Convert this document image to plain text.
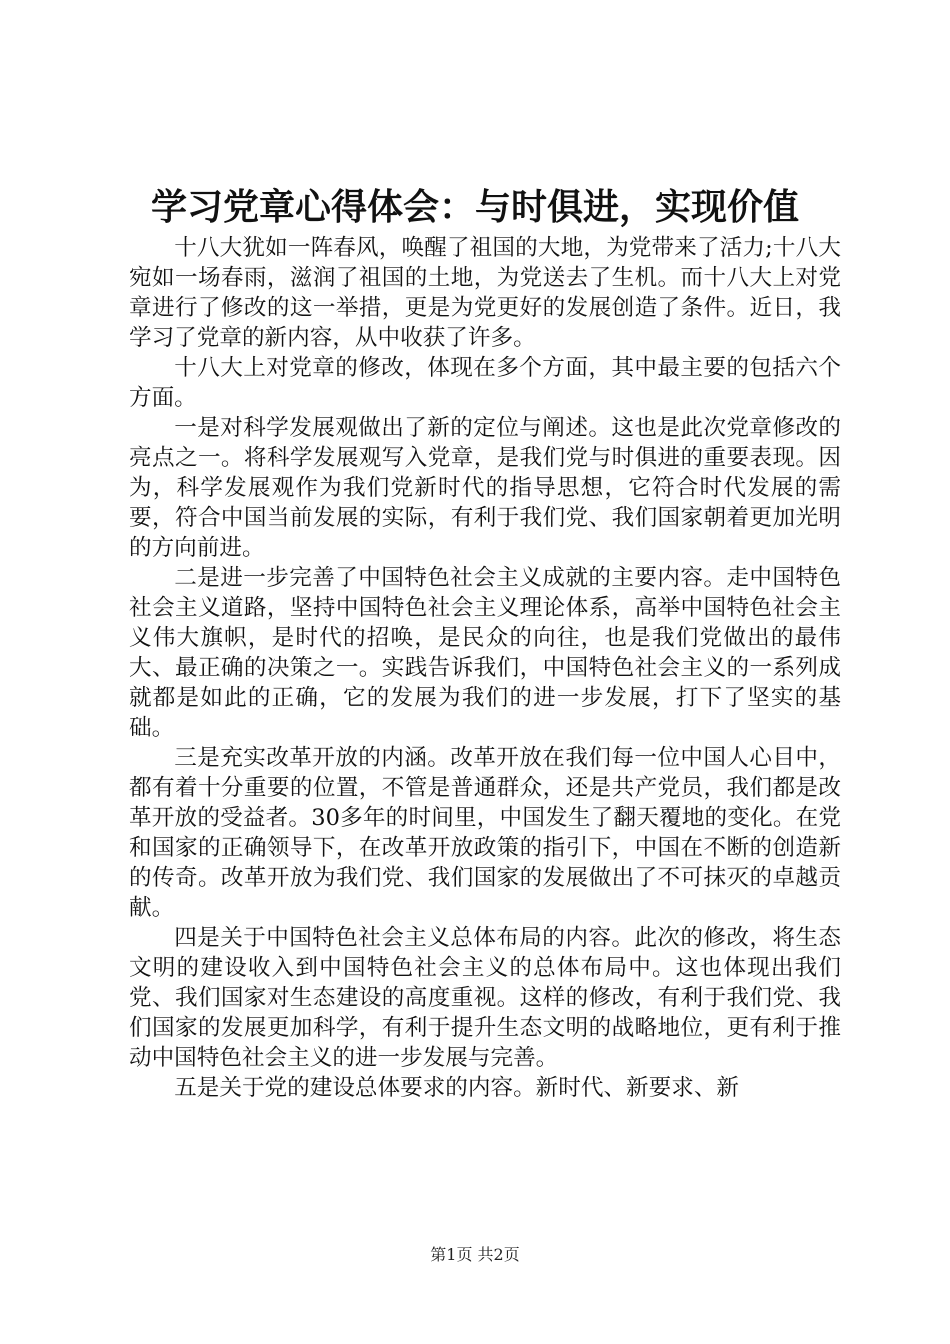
学习党章心得体会：与时俱进，实现价值

十八大犹如一阵春风，唤醒了祖国的大地，为党带来了活力;十八大宛如一场春雨，滋润了祖国的土地，为党送去了生机。而十八大上对党章进行了修改的这一举措，更是为党更好的发展创造了条件。近日，我学习了党章的新内容，从中收获了许多。

十八大上对党章的修改，体现在多个方面，其中最主要的包括六个方面。

一是对科学发展观做出了新的定位与阐述。这也是此次党章修改的亮点之一。将科学发展观写入党章，是我们党与时俱进的重要表现。因为，科学发展观作为我们党新时代的指导思想，它符合时代发展的需要，符合中国当前发展的实际，有利于我们党、我们国家朝着更加光明的方向前进。

二是进一步完善了中国特色社会主义成就的主要内容。走中国特色社会主义道路，坚持中国特色社会主义理论体系，高举中国特色社会主义伟大旗帜，是时代的招唤，是民众的向往，也是我们党做出的最伟大、最正确的决策之一。实践告诉我们，中国特色社会主义的一系列成就都是如此的正确，它的发展为我们的进一步发展，打下了坚实的基础。

三是充实改革开放的内涵。改革开放在我们每一位中国人心目中，都有着十分重要的位置，不管是普通群众，还是共产党员，我们都是改革开放的受益者。30多年的时间里，中国发生了翻天覆地的变化。在党和国家的正确领导下，在改革开放政策的指引下，中国在不断的创造新的传奇。改革开放为我们党、我们国家的发展做出了不可抹灭的卓越贡献。

四是关于中国特色社会主义总体布局的内容。此次的修改，将生态文明的建设收入到中国特色社会主义的总体布局中。这也体现出我们党、我们国家对生态建设的高度重视。这样的修改，有利于我们党、我们国家的发展更加科学，有利于提升生态文明的战略地位，更有利于推动中国特色社会主义的进一步发展与完善。

五是关于党的建设总体要求的内容。新时代、新要求、新

第1页 共2页
